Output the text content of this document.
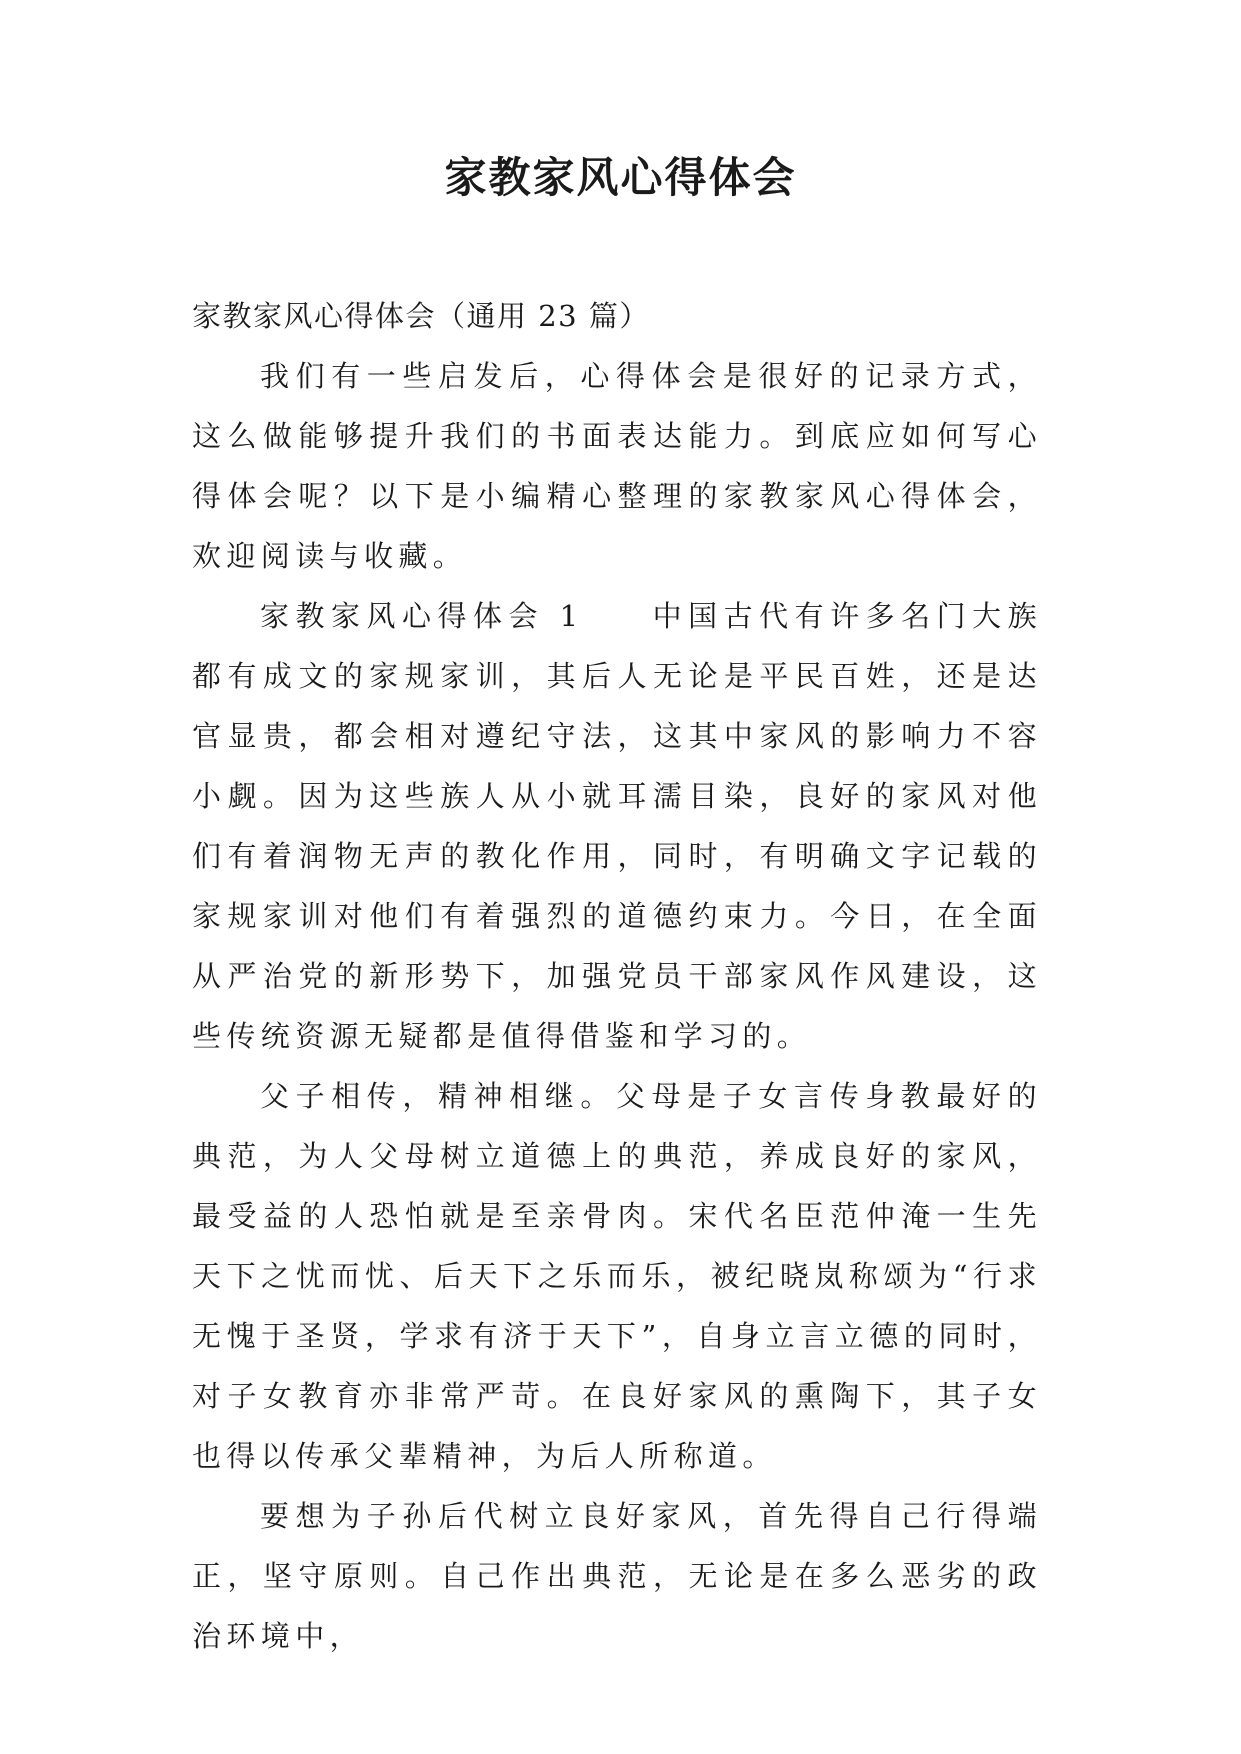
家教家风心得体会

家教家风心得体会（通用 23 篇）

我们有一些启发后，心得体会是很好的记录方式，这么做能够提升我们的书面表达能力。到底应如何写心得体会呢？以下是小编精心整理的家教家风心得体会，欢迎阅读与收藏。

家教家风心得体会 1 中国古代有许多名门大族都有成文的家规家训，其后人无论是平民百姓，还是达官显贵，都会相对遵纪守法，这其中家风的影响力不容小觑。因为这些族人从小就耳濡目染，良好的家风对他们有着润物无声的教化作用，同时，有明确文字记载的家规家训对他们有着强烈的道德约束力。今日，在全面从严治党的新形势下，加强党员干部家风作风建设，这些传统资源无疑都是值得借鉴和学习的。

父子相传，精神相继。父母是子女言传身教最好的典范，为人父母树立道德上的典范，养成良好的家风，最受益的人恐怕就是至亲骨肉。宋代名臣范仲淹一生先天下之忧而忧、后天下之乐而乐，被纪晓岚称颂为“行求无愧于圣贤，学求有济于天下”，自身立言立德的同时，对子女教育亦非常严苛。在良好家风的熏陶下，其子女也得以传承父辈精神，为后人所称道。

要想为子孙后代树立良好家风，首先得自己行得端正，坚守原则。自己作出典范，无论是在多么恶劣的政治环境中，
